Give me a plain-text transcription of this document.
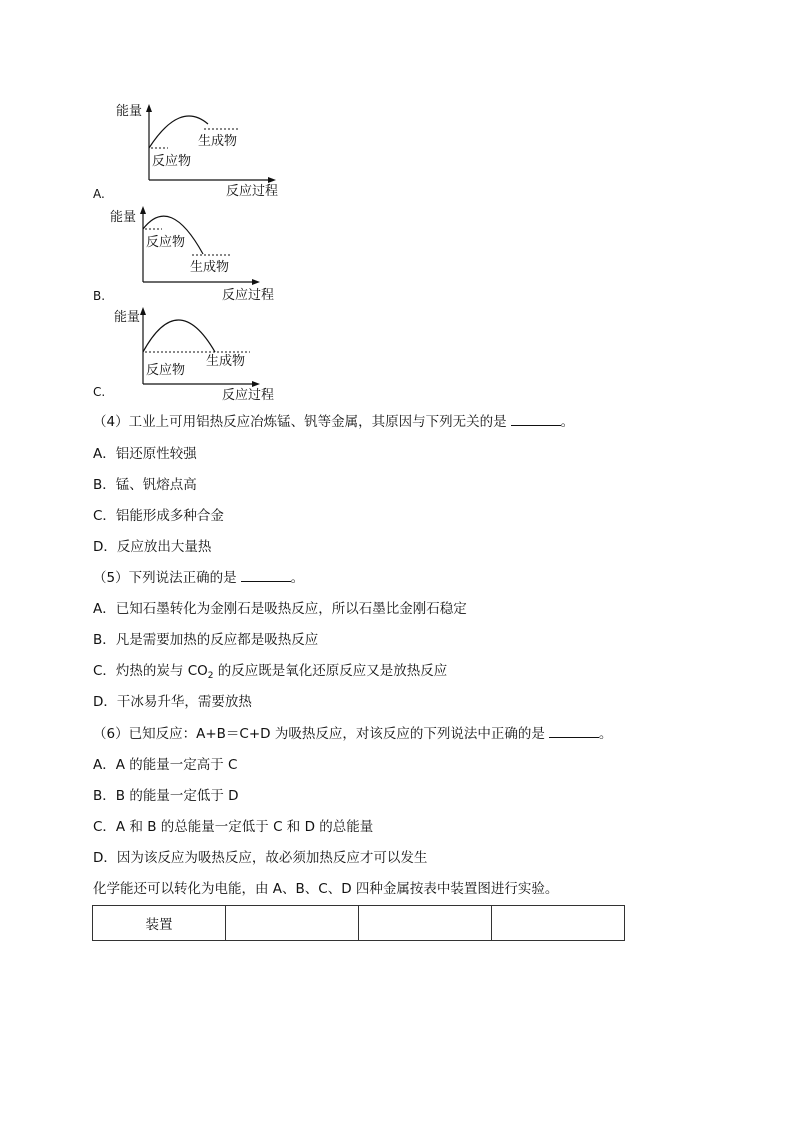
能量
反应物
生成物
反应过程
A.
能量
反应物
生成物
反应过程
B.
能量
反应物
生成物
反应过程
C.
（4）工业上可用铝热反应冶炼锰、钒等金属，其原因与下列无关的是	。
A．铝还原性较强
B．锰、钒熔点高
C．铝能形成多种合金
D．反应放出大量热
（5）下列说法正确的是	。
A．已知石墨转化为金刚石是吸热反应，所以石墨比金刚石稳定
B．凡是需要加热的反应都是吸热反应
C．灼热的炭与 $CO_2$ 的反应既是氧化还原反应又是放热反应
D．干冰易升华，需要放热
（6）已知反应：A+B＝C+D 为吸热反应，对该反应的下列说法中正确的是	。
A．A 的能量一定高于 C
B．B 的能量一定低于 D
C．A 和 B 的总能量一定低于 C 和 D 的总能量
D．因为该反应为吸热反应，故必须加热反应才可以发生
化学能还可以转化为电能，由 A、B、C、D 四种金属按表中装置图进行实验。
装置			
